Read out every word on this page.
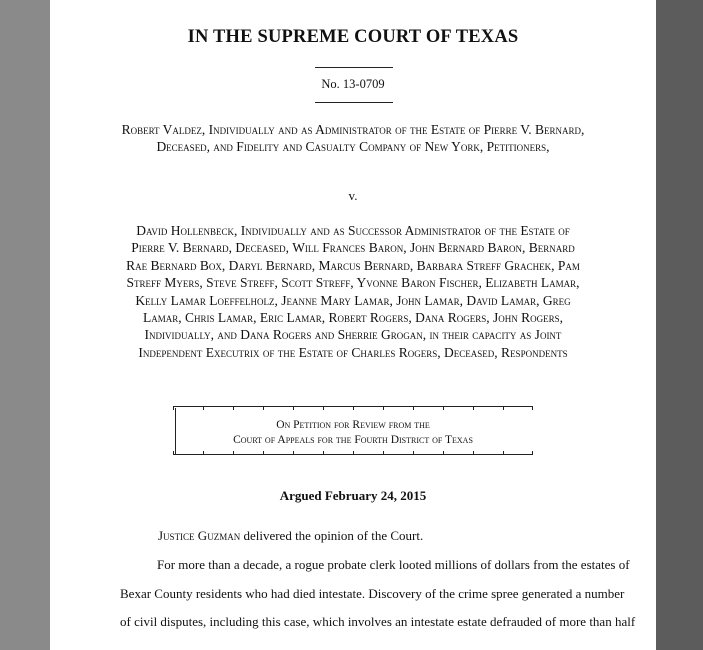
IN THE SUPREME COURT OF TEXAS
No. 13-0709
Robert Valdez, Individually and as Administrator of the Estate of Pierre V. Bernard, Deceased, and Fidelity and Casualty Company of New York, Petitioners,
v.
David Hollenbeck, Individually and as Successor Administrator of the Estate of Pierre V. Bernard, Deceased, Will Frances Baron, John Bernard Baron, Bernard Rae Bernard Box, Daryl Bernard, Marcus Bernard, Barbara Streff Grachek, Pam Streff Myers, Steve Streff, Scott Streff, Yvonne Baron Fischer, Elizabeth Lamar, Kelly Lamar Loeffelholz, Jeanne Mary Lamar, John Lamar, David Lamar, Greg Lamar, Chris Lamar, Eric Lamar, Robert Rogers, Dana Rogers, John Rogers, Individually, and Dana Rogers and Sherrie Grogan, in their capacity as Joint Independent Executrix of the Estate of Charles Rogers, Deceased, Respondents
On Petition for Review from the
Court of Appeals for the Fourth District of Texas
Argued February 24, 2015
Justice Guzman delivered the opinion of the Court.
For more than a decade, a rogue probate clerk looted millions of dollars from the estates of
Bexar County residents who had died intestate. Discovery of the crime spree generated a number
of civil disputes, including this case, which involves an intestate estate defrauded of more than half
